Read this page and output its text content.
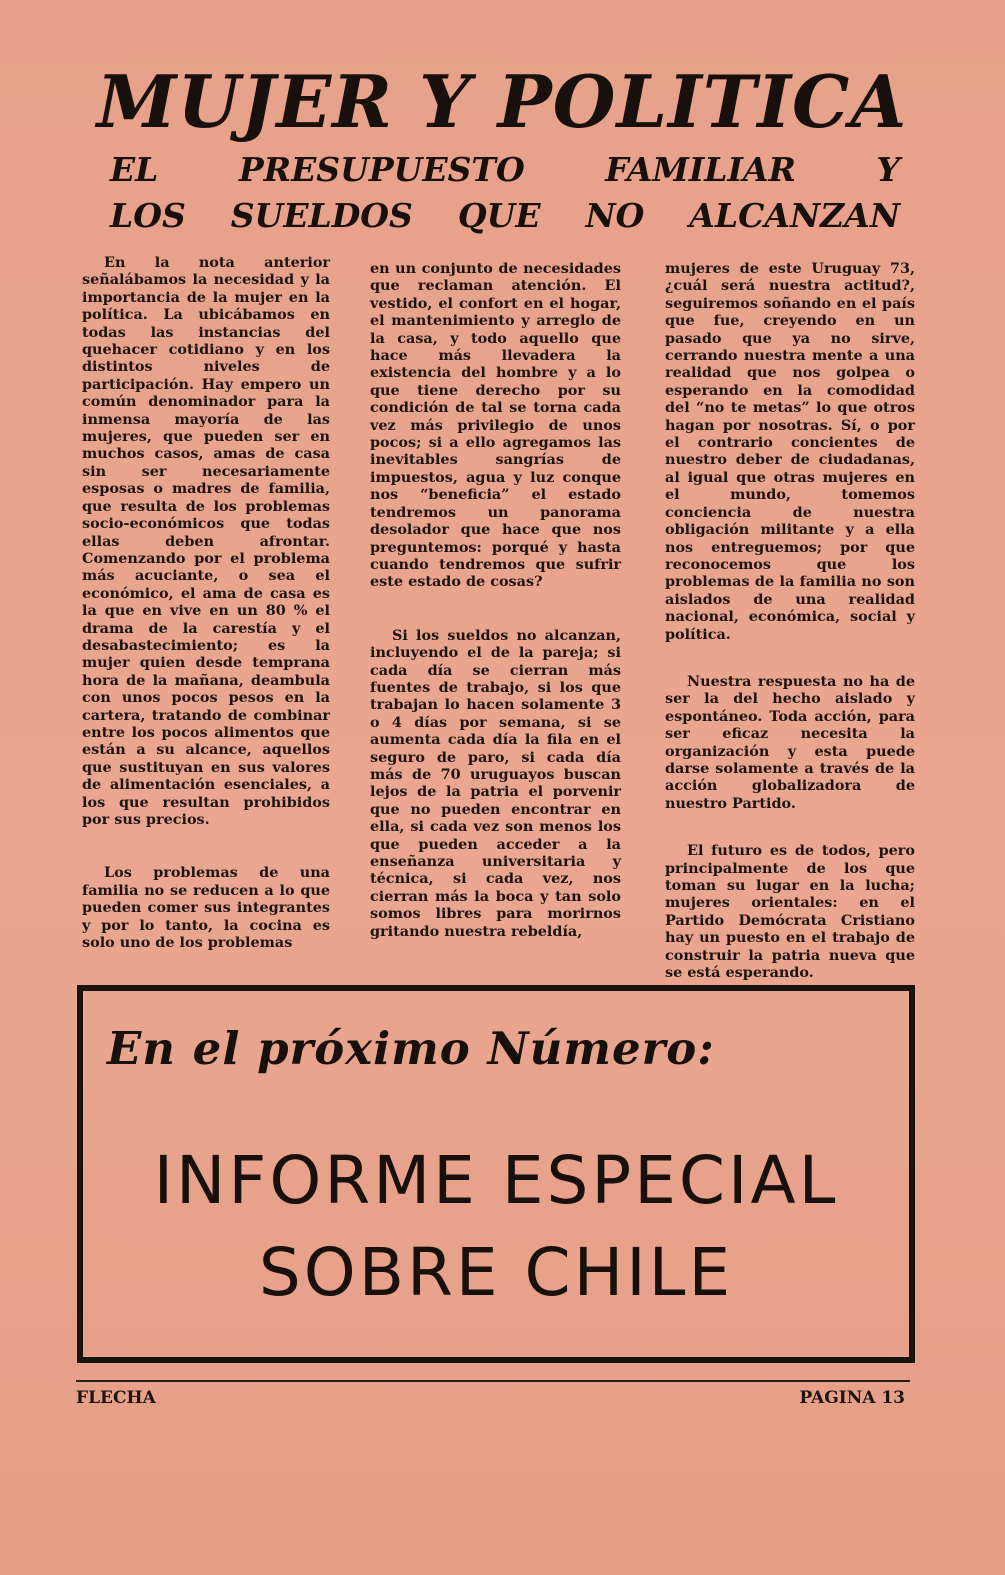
MUJER Y POLITICA
EL PRESUPUESTO FAMILIAR Y
LOS SUELDOS QUE NO ALCANZAN

En la nota anterior señalábamos la necesidad y la importancia de la mujer en la política. La ubicábamos en todas las instancias del quehacer cotidiano y en los distintos niveles de participación. Hay empero un común denominador para la inmensa mayoría de las mujeres, que pueden ser en muchos casos, amas de casa sin ser necesariamente esposas o madres de familia, que resulta de los problemas socio-económicos que todas ellas deben afrontar. Comenzando por el problema más acuciante, o sea el económico, el ama de casa es la que en vive en un 80 % el drama de la carestía y el desabastecimiento; es la mujer quien desde temprana hora de la mañana, deambula con unos pocos pesos en la cartera, tratando de combinar entre los pocos alimentos que están a su alcance, aquellos que sustituyan en sus valores de alimentación esenciales, a los que resultan prohibidos por sus precios.

Los problemas de una familia no se reducen a lo que pueden comer sus integrantes y por lo tanto, la cocina es solo uno de los problemas

en un conjunto de necesidades que reclaman atención. El vestido, el confort en el hogar, el mantenimiento y arreglo de la casa, y todo aquello que hace más llevadera la existencia del hombre y a lo que tiene derecho por su condición de tal se torna cada vez más privilegio de unos pocos; si a ello agregamos las inevitables sangrías de impuestos, agua y luz conque nos “beneficia” el estado tendremos un panorama desolador que hace que nos preguntemos: porqué y hasta cuando tendremos que sufrir este estado de cosas?

Si los sueldos no alcanzan, incluyendo el de la pareja; si cada día se cierran más fuentes de trabajo, si los que trabajan lo hacen solamente 3 o 4 días por semana, si se aumenta cada día la fila en el seguro de paro, si cada día más de 70 uruguayos buscan lejos de la patria el porvenir que no pueden encontrar en ella, si cada vez son menos los que pueden acceder a la enseñanza universitaria y técnica, si cada vez, nos cierran más la boca y tan solo somos libres para morirnos gritando nuestra rebeldía,

mujeres de este Uruguay 73, ¿cuál será nuestra actitud?, seguiremos soñando en el país que fue, creyendo en un pasado que ya no sirve, cerrando nuestra mente a una realidad que nos golpea o esperando en la comodidad del “no te metas” lo que otros hagan por nosotras. Sí, o por el contrario concientes de nuestro deber de ciudadanas, al igual que otras mujeres en el mundo, tomemos conciencia de nuestra obligación militante y a ella nos entreguemos; por que reconocemos que los problemas de la familia no son aislados de una realidad nacional, económica, social y política.

Nuestra respuesta no ha de ser la del hecho aislado y espontáneo. Toda acción, para ser eficaz necesita la organización y esta puede darse solamente a través de la acción globalizadora de nuestro Partido.

El futuro es de todos, pero principalmente de los que toman su lugar en la lucha; mujeres orientales: en el Partido Demócrata Cristiano hay un puesto en el trabajo de construir la patria nueva que se está esperando.

En el próximo Número:
INFORME ESPECIAL
SOBRE CHILE
FLECHA	PAGINA 13
